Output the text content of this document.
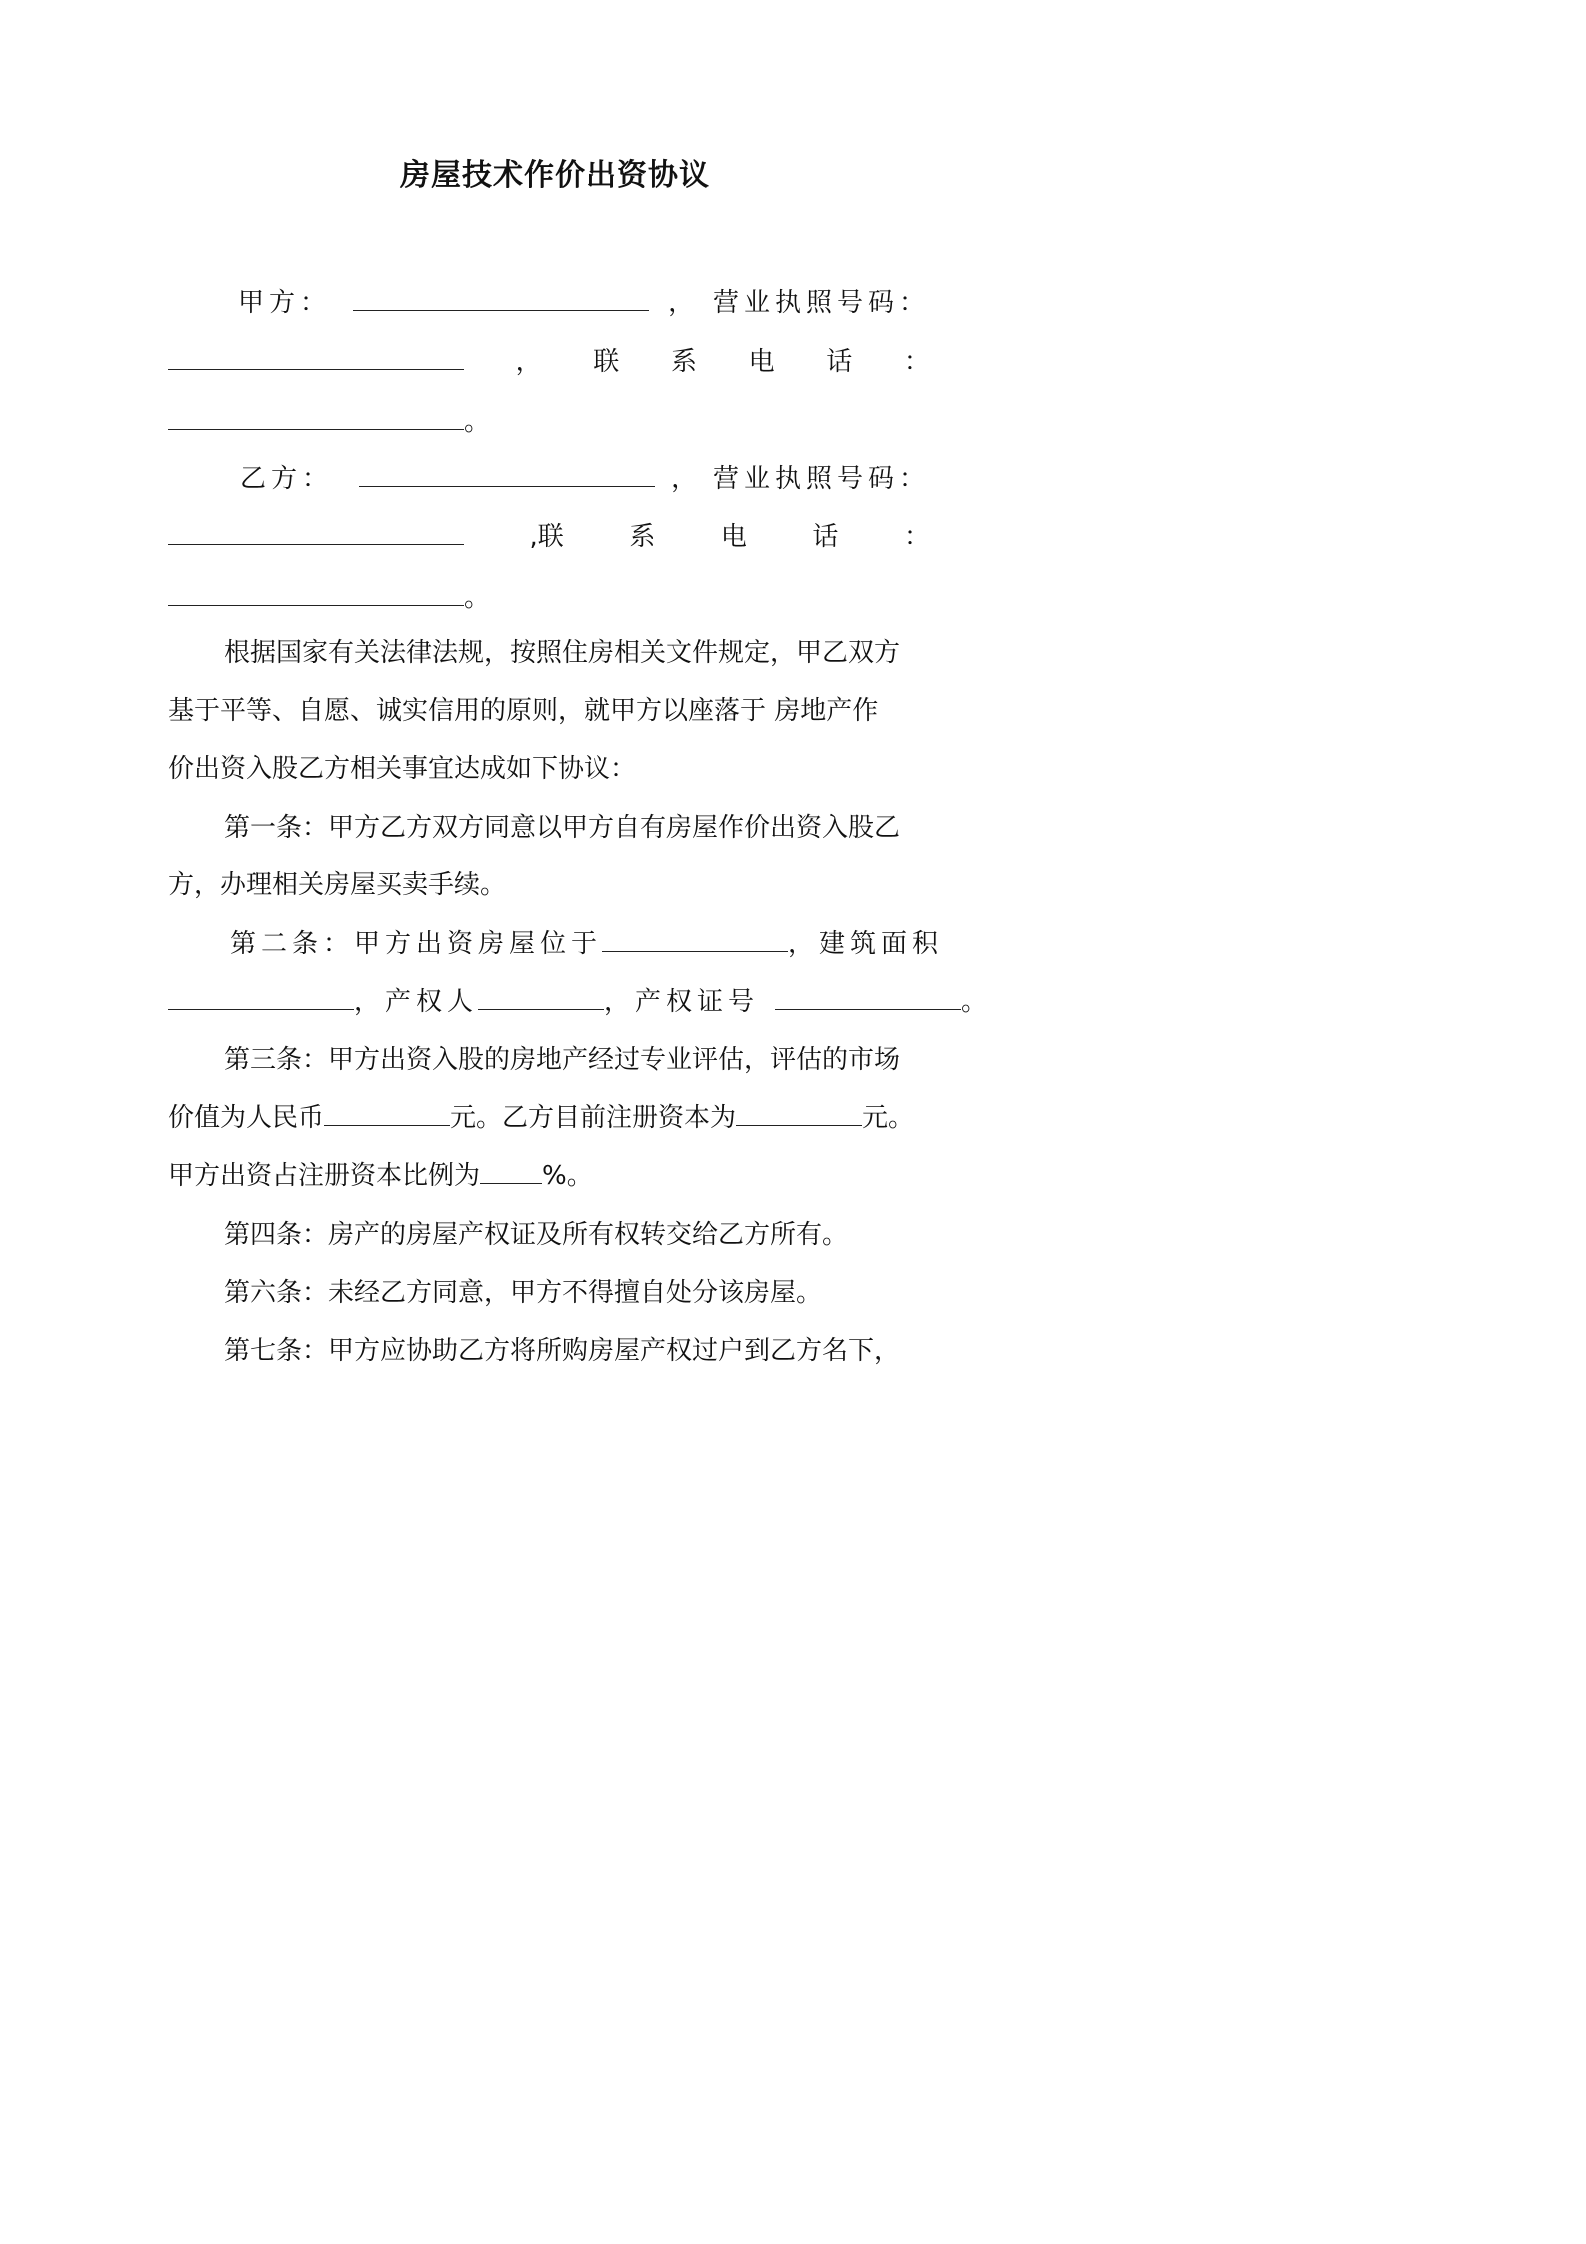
房屋技术作价出资协议
甲方：	， 营业执照号码：
， 联 系 电 话 ：
。
乙方：	， 营业执照号码：
,联	系	电	话	：
。
根据国家有关法律法规，按照住房相关文件规定，甲乙双方
基于平等、自愿、诚实信用的原则，就甲方以座落于 房地产作
价出资入股乙方相关事宜达成如下协议：
第一条：甲方乙方双方同意以甲方自有房屋作价出资入股乙
方，办理相关房屋买卖手续。
第二条：甲方出资房屋位于	，建筑面积
，产权人	，产权证号	。
第三条：甲方出资入股的房地产经过专业评估，评估的市场
价值为人民币	元。乙方目前注册资本为	元。
甲方出资占注册资本比例为 %。
第四条：房产的房屋产权证及所有权转交给乙方所有。
第六条：未经乙方同意，甲方不得擅自处分该房屋。
第七条：甲方应协助乙方将所购房屋产权过户到乙方名下，
